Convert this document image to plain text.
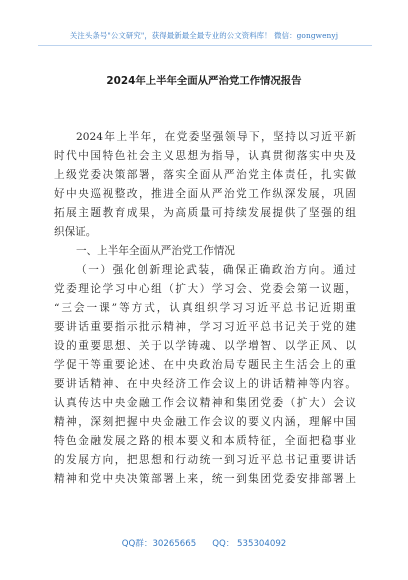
关注头条号"公文研究"，获得最新最全最专业的公文资料库！ 微信：gongwenyj
2024年上半年全面从严治党工作情况报告
2024年上半年，在党委坚强领导下，坚持以习近平新
时代中国特色社会主义思想为指导，认真贯彻落实中央及
上级党委决策部署，落实全面从严治党主体责任，扎实做
好中央巡视整改，推进全面从严治党工作纵深发展，巩固
拓展主题教育成果，为高质量可持续发展提供了坚强的组
织保证。
一、上半年全面从严治党工作情况
（一）强化创新理论武装，确保正确政治方向。通过
党委理论学习中心组（扩大）学习会、党委会第一议题，
“三会一课”等方式，认真组织学习习近平总书记近期重
要讲话重要指示批示精神，学习习近平总书记关于党的建
设的重要思想、关于以学铸魂、以学增智、以学正风、以
学促干等重要论述、在中央政治局专题民主生活会上的重
要讲话精神、在中央经济工作会议上的讲话精神等内容。
认真传达中央金融工作会议精神和集团党委（扩大）会议
精神，深刻把握中央金融工作会议的要义内涵，理解中国
特色金融发展之路的根本要义和本质特征，全面把稳事业
的发展方向，把思想和行动统一到习近平总书记重要讲话
精神和党中央决策部署上来，统一到集团党委安排部署上
QQ群：30265665 QQ： 535304092
